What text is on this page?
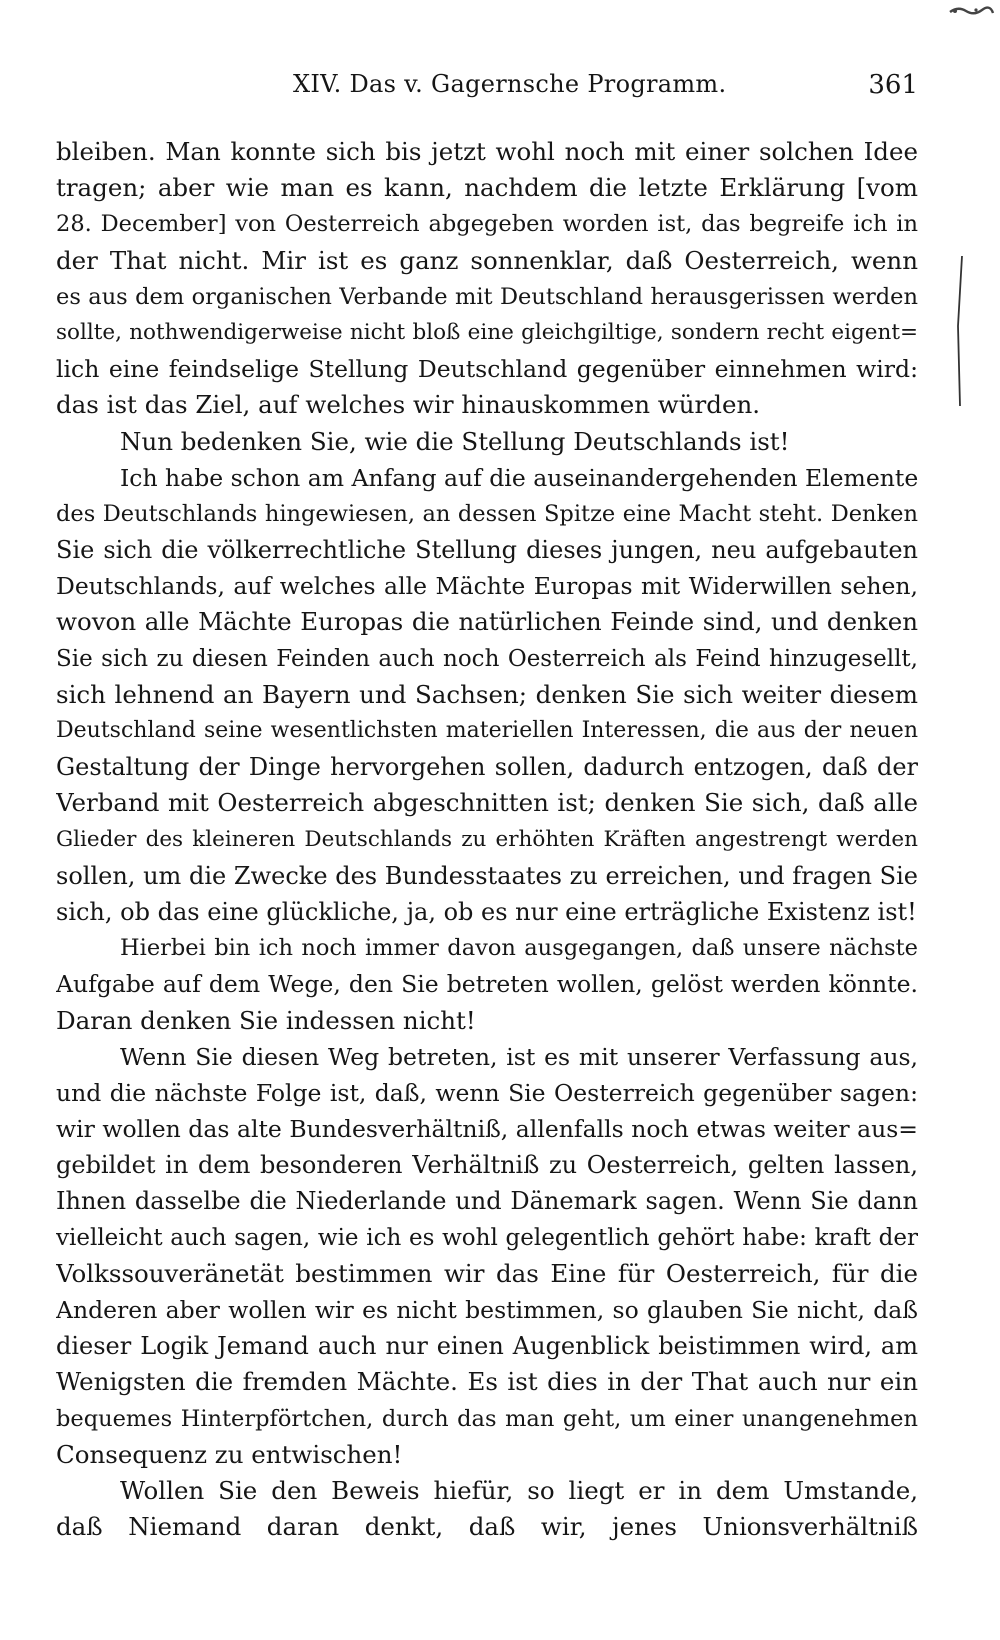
XIV. Das v. Gagernsche Programm.	361
bleiben. Man konnte sich bis jetzt wohl noch mit einer solchen Idee
tragen; aber wie man es kann, nachdem die letzte Erklärung [vom
28. December] von Oesterreich abgegeben worden ist, das begreife ich in
der That nicht. Mir ist es ganz sonnenklar, daß Oesterreich, wenn
es aus dem organischen Verbande mit Deutschland herausgerissen werden
sollte, nothwendigerweise nicht bloß eine gleichgiltige, sondern recht eigent=
lich eine feindselige Stellung Deutschland gegenüber einnehmen wird:
das ist das Ziel, auf welches wir hinauskommen würden.
Nun bedenken Sie, wie die Stellung Deutschlands ist!
Ich habe schon am Anfang auf die auseinandergehenden Elemente
des Deutschlands hingewiesen, an dessen Spitze eine Macht steht. Denken
Sie sich die völkerrechtliche Stellung dieses jungen, neu aufgebauten
Deutschlands, auf welches alle Mächte Europas mit Widerwillen sehen,
wovon alle Mächte Europas die natürlichen Feinde sind, und denken
Sie sich zu diesen Feinden auch noch Oesterreich als Feind hinzugesellt,
sich lehnend an Bayern und Sachsen; denken Sie sich weiter diesem
Deutschland seine wesentlichsten materiellen Interessen, die aus der neuen
Gestaltung der Dinge hervorgehen sollen, dadurch entzogen, daß der
Verband mit Oesterreich abgeschnitten ist; denken Sie sich, daß alle
Glieder des kleineren Deutschlands zu erhöhten Kräften angestrengt werden
sollen, um die Zwecke des Bundesstaates zu erreichen, und fragen Sie
sich, ob das eine glückliche, ja, ob es nur eine erträgliche Existenz ist!
Hierbei bin ich noch immer davon ausgegangen, daß unsere nächste
Aufgabe auf dem Wege, den Sie betreten wollen, gelöst werden könnte.
Daran denken Sie indessen nicht!
Wenn Sie diesen Weg betreten, ist es mit unserer Verfassung aus,
und die nächste Folge ist, daß, wenn Sie Oesterreich gegenüber sagen:
wir wollen das alte Bundesverhältniß, allenfalls noch etwas weiter aus=
gebildet in dem besonderen Verhältniß zu Oesterreich, gelten lassen,
Ihnen dasselbe die Niederlande und Dänemark sagen. Wenn Sie dann
vielleicht auch sagen, wie ich es wohl gelegentlich gehört habe: kraft der
Volkssouveränetät bestimmen wir das Eine für Oesterreich, für die
Anderen aber wollen wir es nicht bestimmen, so glauben Sie nicht, daß
dieser Logik Jemand auch nur einen Augenblick beistimmen wird, am
Wenigsten die fremden Mächte. Es ist dies in der That auch nur ein
bequemes Hinterpförtchen, durch das man geht, um einer unangenehmen
Consequenz zu entwischen!
Wollen Sie den Beweis hiefür, so liegt er in dem Umstande,
daß Niemand daran denkt, daß wir, jenes Unionsverhältniß
